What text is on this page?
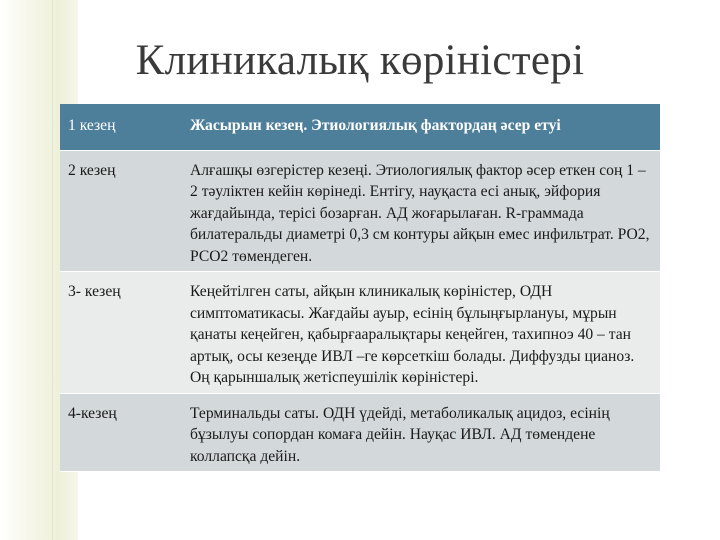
Клиникалық көріністері
1 кезең	Жасырын кезең. Этиологиялық фактордаң әсер етуі
2 кезең	Алғашқы өзгерістер кезеңі. Этиологиялық фактор әсер еткен соң 1 – 2 тәуліктен кейін көрінеді. Ентігу, науқаста есі анық, эйфория жағдайында, терісі бозарған. АД жоғарылаған. R-граммада билатеральды диаметрі 0,3 см контуры айқын емес инфильтрат. РО2, РСО2 төмендеген.
3- кезең	Кеңейтілген саты, айқын клиникалық көріністер, ОДН симптоматикасы. Жағдайы ауыр, есінің бұлыңғырлануы, мұрын қанаты кеңейген, қабырғааралықтары кеңейген, тахипноэ 40 – тан артық, осы кезеңде ИВЛ –ге көрсеткіш болады. Диффузды цианоз. Оң қарыншалық жетіспеушілік көріністері.
4-кезең	Терминальды саты. ОДН үдейді, метаболикалық ацидоз, есінің бұзылуы сопордан комаға дейін. Науқас ИВЛ. АД төмендене коллапсқа дейін.
